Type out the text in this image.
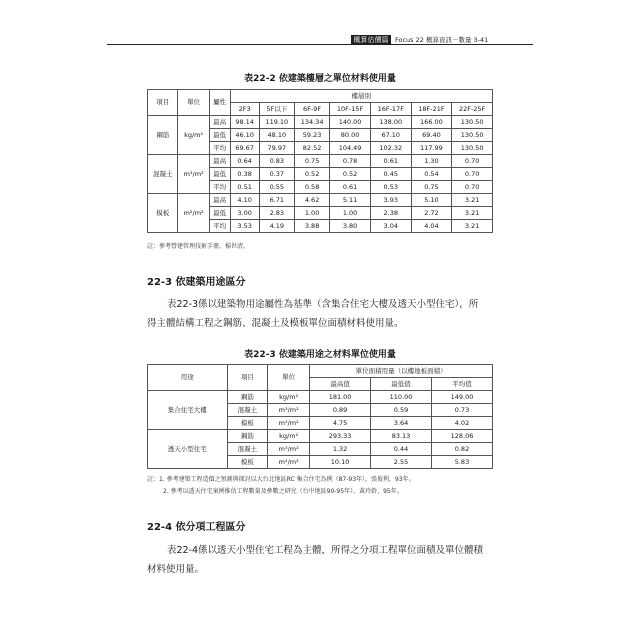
概算估價篇	Focus 22 概算資訊－數量 3-41
表22-2 依建築樓層之單位材料使用量
項目	單位	屬性	樓層別						
			2F3	5F以下	6F-9F	10F-15F	16F-17F	18F-21F	22F-25F
鋼筋	kg/m²	最高	98.14	119.10	134.34	140.00	138.00	166.00	130.50
		最低	46.10	48.10	59.23	80.00	67.10	69.40	130.50
		平均	69.67	79.97	82.52	104.49	102.32	117.99	130.50
混凝土	m³/m²	最高	0.64	0.83	0.75	0.78	0.61	1.30	0.70
		最低	0.38	0.37	0.52	0.52	0.45	0.54	0.70
		平均	0.51	0.55	0.58	0.61	0.53	0.75	0.70
模板	m²/m²	最高	4.10	6.71	4.62	5.11	3.93	5.10	3.21
		最低	3.00	2.83	1.00	1.00	2.38	2.72	3.21
		平均	3.53	4.19	3.88	3.80	3.04	4.04	3.21
註：參考營建管理技術手冊，楊世清。
22-3 依建築用途區分
表22-3係以建築物用途屬性為基準（含集合住宅大樓及透天小型住宅），所
得主體結構工程之鋼筋、混凝土及模板單位面積材料使用量。
表22-3 依建築用途之材料單位使用量
用途	項目	單位	單位面積用量（以樓地板面積）		
			最高值	最低值	平均值
集合住宅大樓	鋼筋	kg/m²	181.00	110.00	149.00
	混凝土	m³/m²	0.89	0.59	0.73
	模板	m²/m²	4.75	3.64	4.02
透天小型住宅	鋼筋	kg/m²	293.33	83.13	128.06
	混凝土	m³/m²	1.32	0.44	0.82
	模板	m²/m²	10.10	2.55	5.83
註：1. 參考建築工程造價之預測與探討以大台北地區RC 集合住宅為例（87-93年），張俊利，93年。
2. 參考以透天住宅案例推估工程數量及參數之研究（台中地區90-95年），黃玲鈴，95年。
22-4 依分項工程區分
表22-4係以透天小型住宅工程為主體，所得之分項工程單位面積及單位體積
材料使用量。
